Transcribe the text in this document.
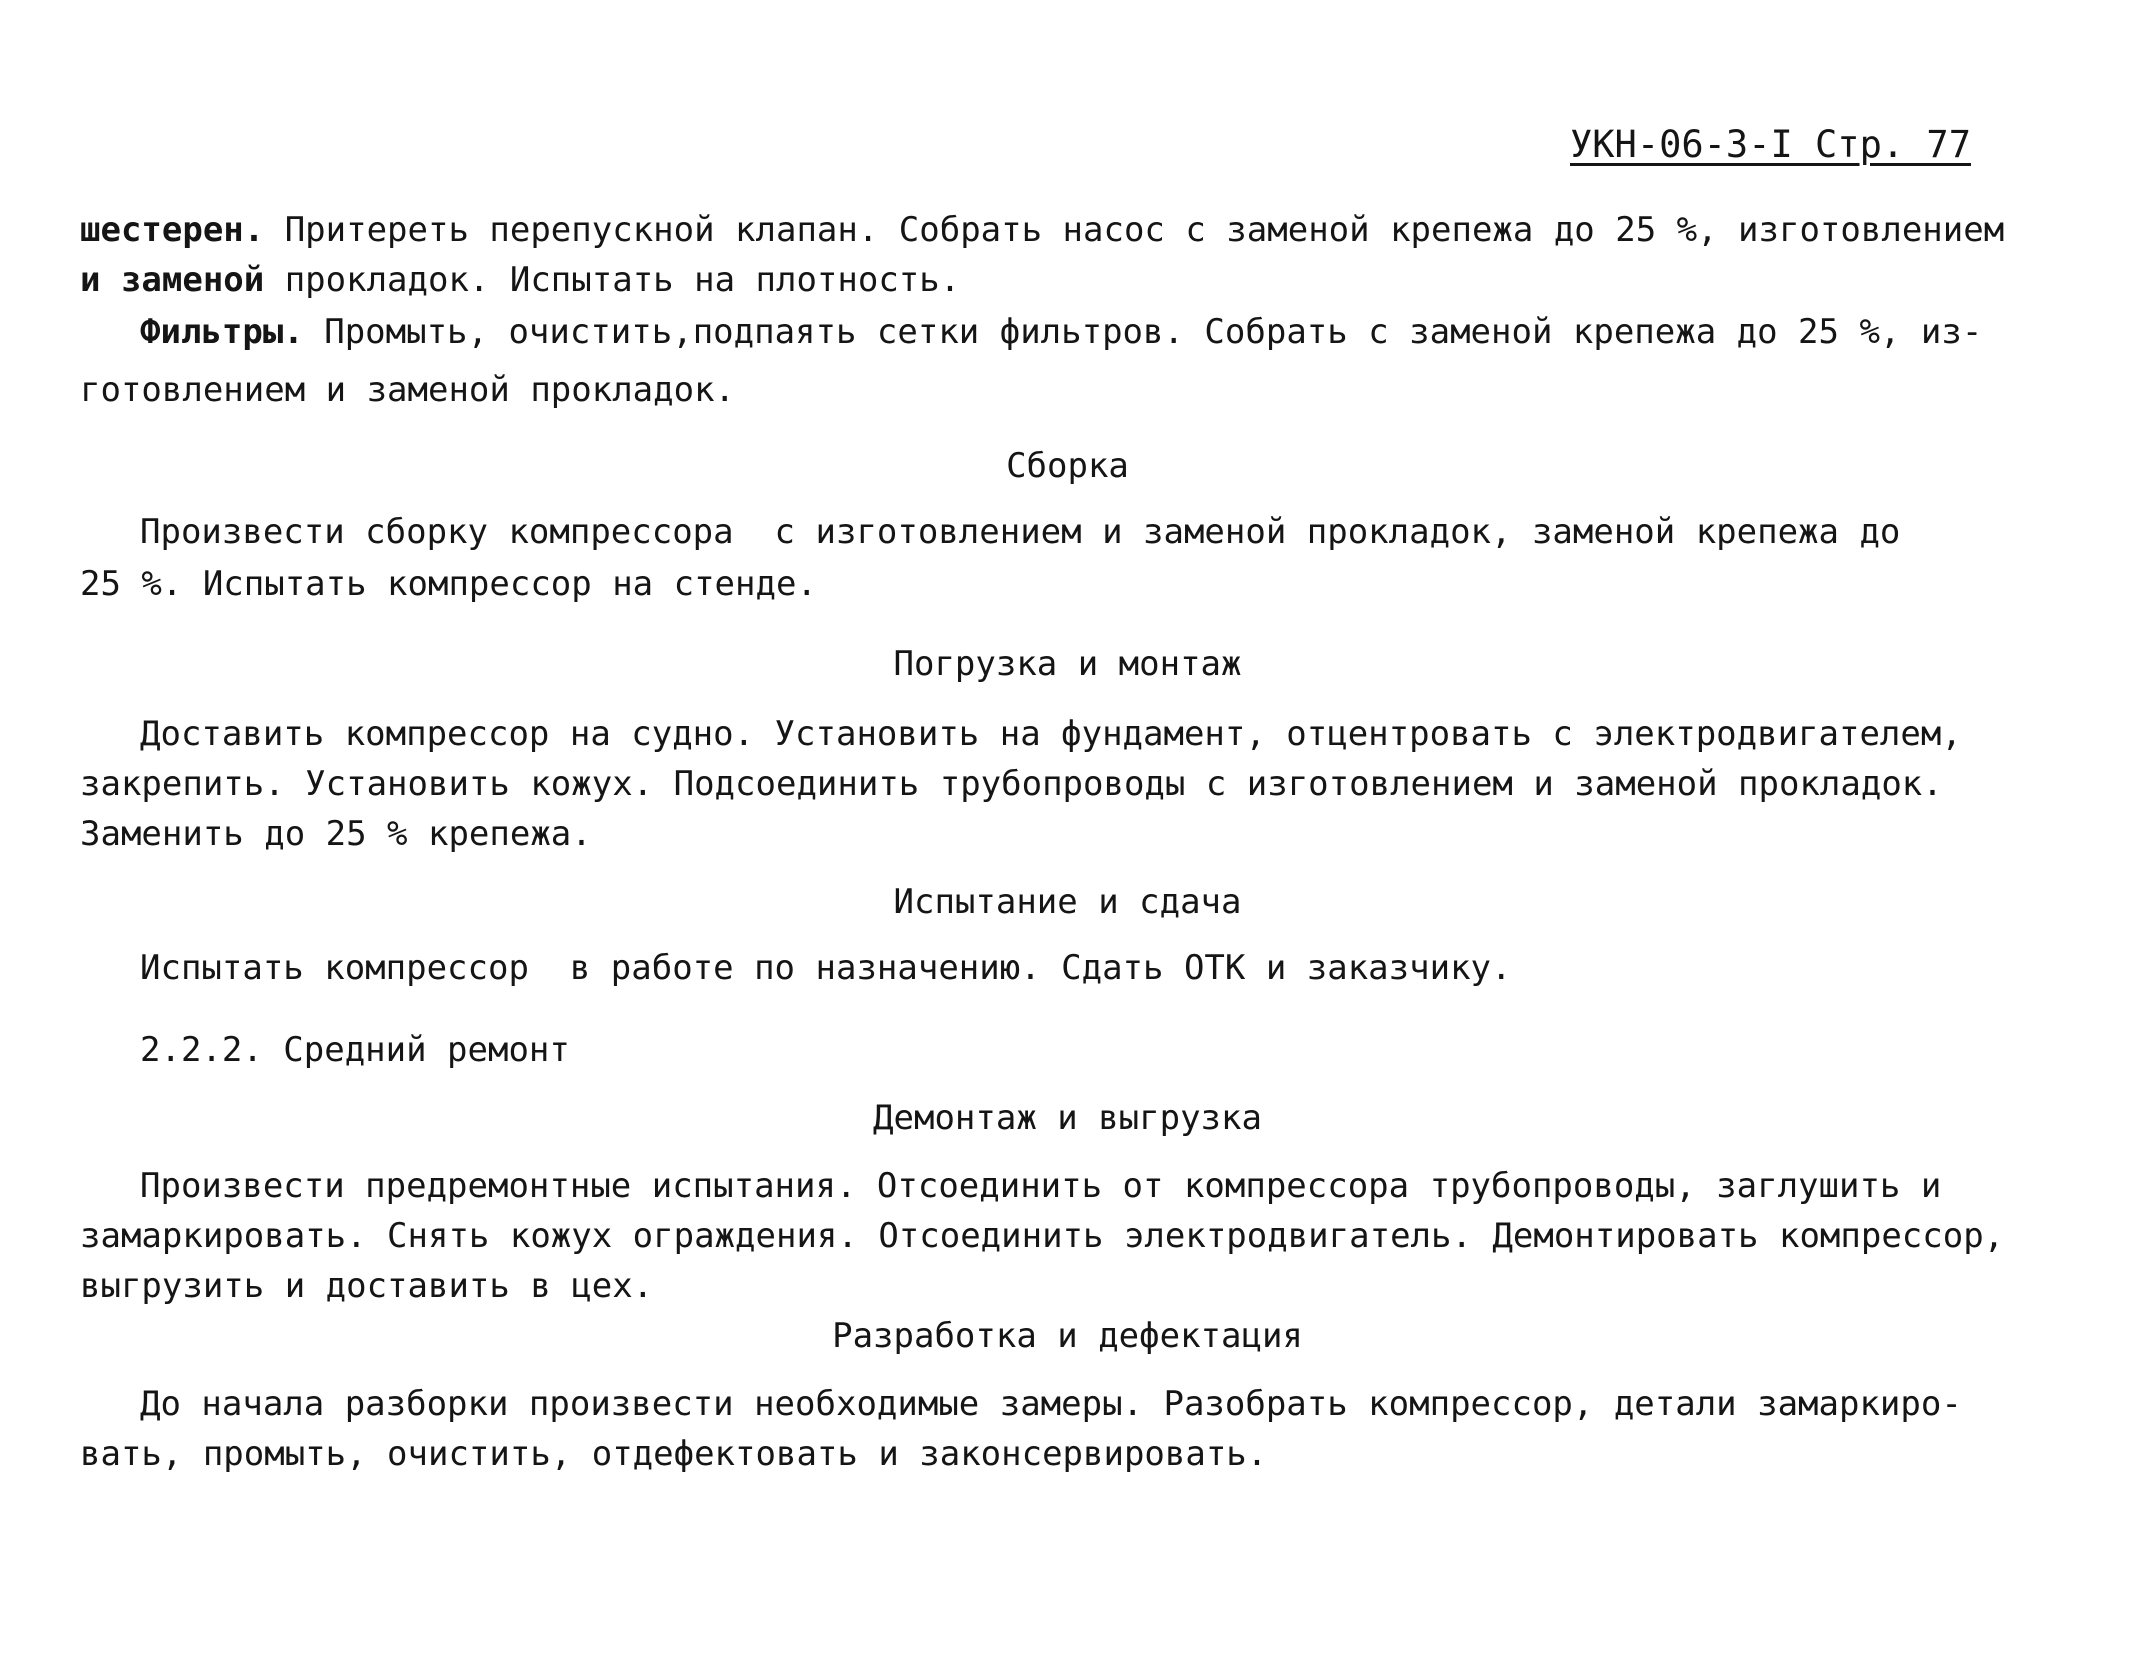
УКН-06-3-I Стр. 77
шестерен. Притереть перепускной клапан. Собрать насос с заменой крепежа до 25 %, изготовлением
и заменой прокладок. Испытать на плотность.
Фильтры. Промыть, очистить,подпаять сетки фильтров. Собрать с заменой крепежа до 25 %, из-
готовлением и заменой прокладок.
Сборка
Произвести сборку компрессора  с изготовлением и заменой прокладок, заменой крепежа до
25 %. Испытать компрессор на стенде.
Погрузка и монтаж
Доставить компрессор на судно. Установить на фундамент, отцентровать с электродвигателем,
закрепить. Установить кожух. Подсоединить трубопроводы с изготовлением и заменой прокладок.
Заменить до 25 % крепежа.
Испытание и сдача
Испытать компрессор  в работе по назначению. Сдать ОТК и заказчику.
2.2.2. Средний ремонт
Демонтаж и выгрузка
Произвести предремонтные испытания. Отсоединить от компрессора трубопроводы, заглушить и
замаркировать. Снять кожух ограждения. Отсоединить электродвигатель. Демонтировать компрессор,
выгрузить и доставить в цех.
Разработка и дефектация
До начала разборки произвести необходимые замеры. Разобрать компрессор, детали замаркиро-
вать, промыть, очистить, отдефектовать и законсервировать.
